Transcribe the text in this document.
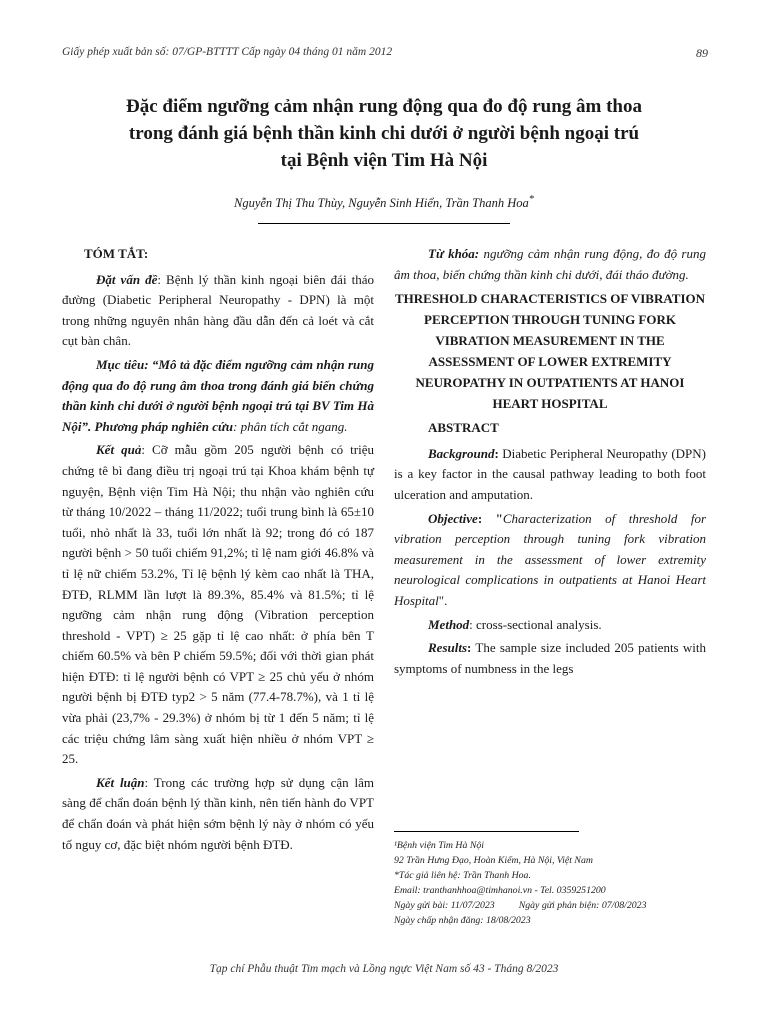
Giấy phép xuất bản số: 07/GP-BTTTT Cấp ngày 04 tháng 01 năm 2012	89
Đặc điểm ngưỡng cảm nhận rung động qua đo độ rung âm thoa
trong đánh giá bệnh thần kinh chi dưới ở người bệnh ngoại trú
tại Bệnh viện Tim Hà Nội
Nguyễn Thị Thu Thùy, Nguyễn Sinh Hiển, Trần Thanh Hoa*

TÓM TẮT:

Đặt vấn đề: Bệnh lý thần kinh ngoại biên đái tháo đường (Diabetic Peripheral Neuropathy - DPN) là một trong những nguyên nhân hàng đầu dẫn đến cả loét và cắt cụt bàn chân.

Mục tiêu: “Mô tả đặc điểm ngưỡng cảm nhận rung động qua đo độ rung âm thoa trong đánh giá biến chứng thần kinh chi dưới ở người bệnh ngoại trú tại BV Tim Hà Nội”. Phương pháp nghiên cứu: phân tích cắt ngang.

Kết quả: Cỡ mẫu gồm 205 người bệnh có triệu chứng tê bì đang điều trị ngoại trú tại Khoa khám bệnh tự nguyện, Bệnh viện Tim Hà Nội; thu nhận vào nghiên cứu từ tháng 10/2022 – tháng 11/2022; tuổi trung bình là 65±10 tuổi, nhỏ nhất là 33, tuổi lớn nhất là 92; trong đó có 187 người bệnh > 50 tuổi chiếm 91,2%; tỉ lệ nam giới 46.8% và tỉ lệ nữ chiếm 53.2%, Tỉ lệ bệnh lý kèm cao nhất là THA, ĐTĐ, RLMM lần lượt là 89.3%, 85.4% và 81.5%; tỉ lệ ngưỡng cảm nhận rung động (Vibration perception threshold - VPT) ≥ 25 gặp tỉ lệ cao nhất: ở phía bên T chiếm 60.5% và bên P chiếm 59.5%; đối với thời gian phát hiện ĐTĐ: tỉ lệ người bệnh có VPT ≥ 25 chủ yếu ở nhóm người bệnh bị ĐTĐ typ2 > 5 năm (77.4-78.7%), và 1 tỉ lệ vừa phải (23,7% - 29.3%) ở nhóm bị từ 1 đến 5 năm; tỉ lệ các triệu chứng lâm sàng xuất hiện nhiều ở nhóm VPT ≥ 25.

Kết luận: Trong các trường hợp sử dụng cận lâm sàng để chẩn đoán bệnh lý thần kinh, nên tiến hành đo VPT để chẩn đoán và phát hiện sớm bệnh lý này ở nhóm có yếu tố nguy cơ, đặc biệt nhóm người bệnh ĐTĐ.

Từ khóa: ngưỡng cảm nhận rung động, đo độ rung âm thoa, biến chứng thần kinh chi dưới, đái tháo đường.

THRESHOLD CHARACTERISTICS OF VIBRATION PERCEPTION THROUGH TUNING FORK VIBRATION MEASUREMENT IN THE ASSESSMENT OF LOWER EXTREMITY NEUROPATHY IN OUTPATIENTS AT HANOI HEART HOSPITAL

ABSTRACT

Background: Diabetic Peripheral Neuropathy (DPN) is a key factor in the causal pathway leading to both foot ulceration and amputation.

Objective: "Characterization of threshold for vibration perception through tuning fork vibration measurement in the assessment of lower extremity neurological complications in outpatients at Hanoi Heart Hospital".

Method: cross-sectional analysis.

Results: The sample size included 205 patients with symptoms of numbness in the legs

¹Bệnh viện Tim Hà Nội
92 Trần Hưng Đạo, Hoàn Kiếm, Hà Nội, Việt Nam
*Tác giả liên hệ: Trần Thanh Hoa.
Email: tranthanhhoa@timhanoi.vn - Tel. 0359251200
Ngày gửi bài: 11/07/2023 Ngày gửi phản biện: 07/08/2023
Ngày chấp nhận đăng: 18/08/2023
Tạp chí Phẫu thuật Tim mạch và Lồng ngực Việt Nam số 43 - Tháng 8/2023
